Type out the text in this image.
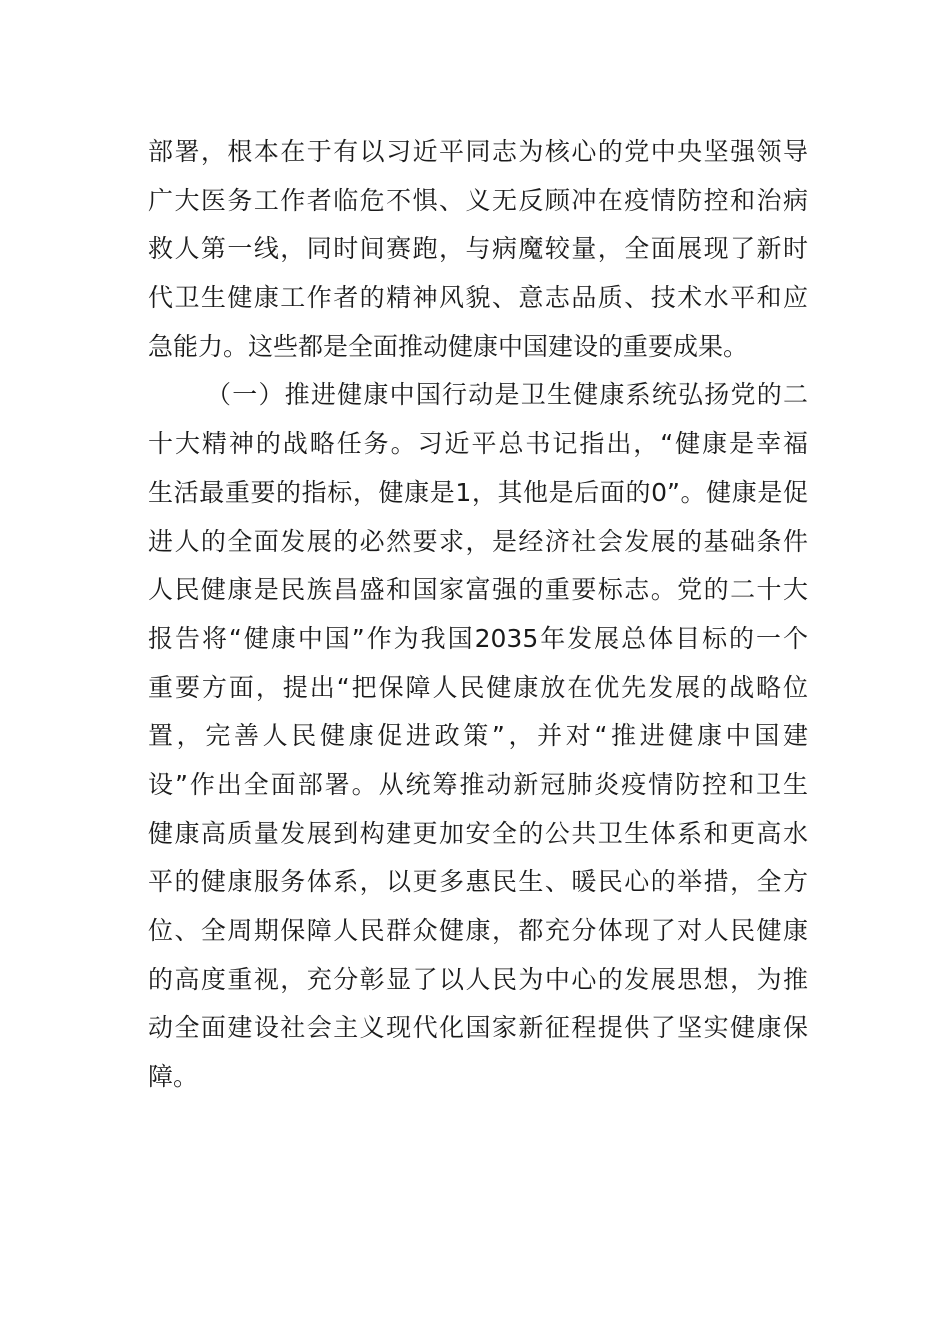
部署，根本在于有以习近平同志为核心的党中央坚强领导
广大医务工作者临危不惧、义无反顾冲在疫情防控和治病
救人第一线，同时间赛跑，与病魔较量，全面展现了新时
代卫生健康工作者的精神风貌、意志品质、技术水平和应
急能力。这些都是全面推动健康中国建设的重要成果。
（一）推进健康中国行动是卫生健康系统弘扬党的二
十大精神的战略任务。习近平总书记指出，“健康是幸福
生活最重要的指标，健康是1，其他是后面的0”。健康是促
进人的全面发展的必然要求，是经济社会发展的基础条件
人民健康是民族昌盛和国家富强的重要标志。党的二十大
报告将“健康中国”作为我国2035年发展总体目标的一个
重要方面，提出“把保障人民健康放在优先发展的战略位
置，完善人民健康促进政策”，并对“推进健康中国建
设”作出全面部署。从统筹推动新冠肺炎疫情防控和卫生
健康高质量发展到构建更加安全的公共卫生体系和更高水
平的健康服务体系，以更多惠民生、暖民心的举措，全方
位、全周期保障人民群众健康，都充分体现了对人民健康
的高度重视，充分彰显了以人民为中心的发展思想，为推
动全面建设社会主义现代化国家新征程提供了坚实健康保
障。
